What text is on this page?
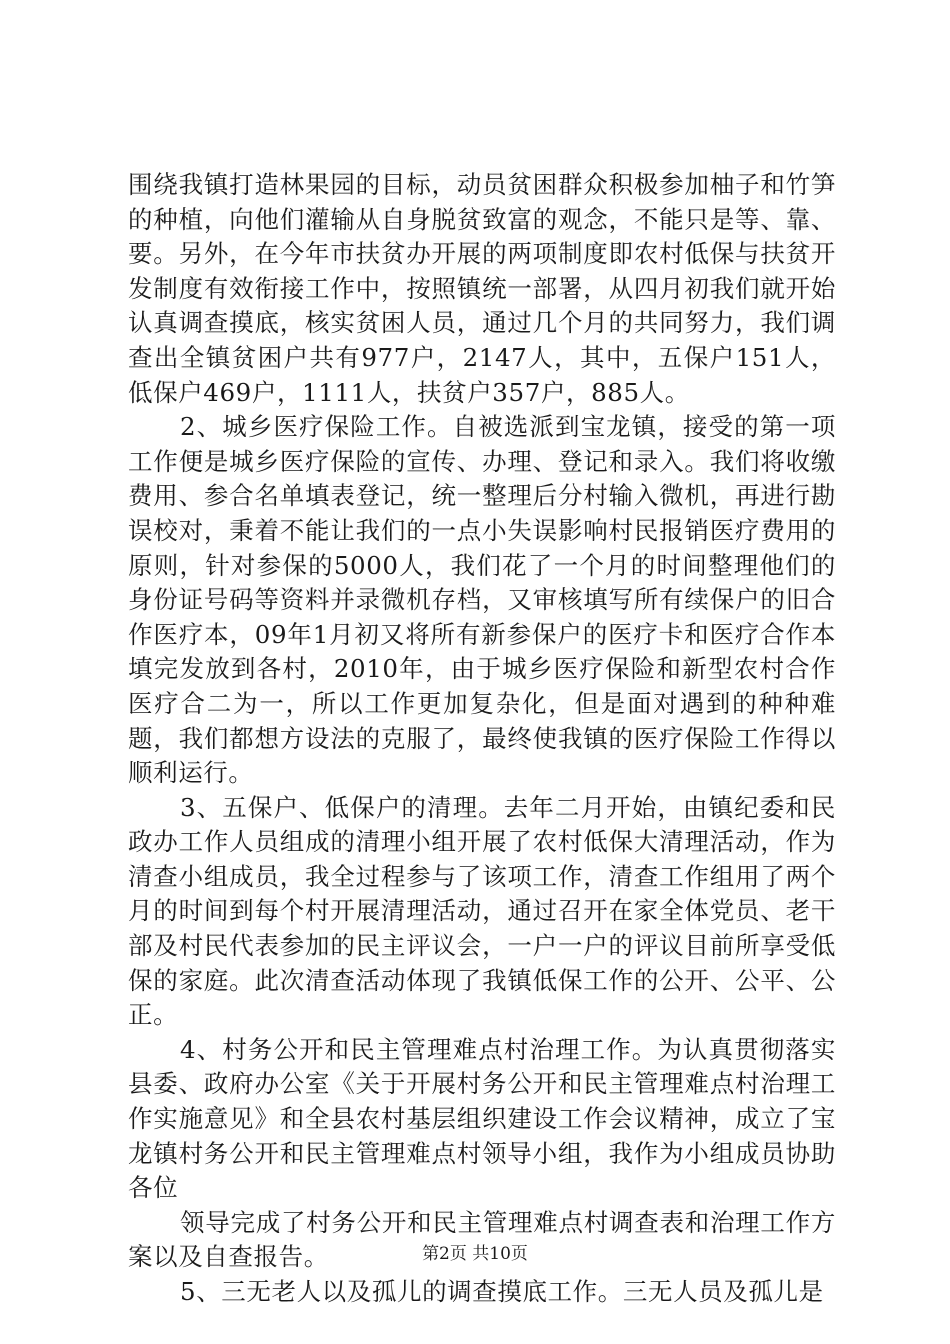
围绕我镇打造林果园的目标，动员贫困群众积极参加柚子和竹笋的种植，向他们灌输从自身脱贫致富的观念，不能只是等、靠、要。另外，在今年市扶贫办开展的两项制度即农村低保与扶贫开发制度有效衔接工作中，按照镇统一部署，从四月初我们就开始认真调查摸底，核实贫困人员，通过几个月的共同努力，我们调查出全镇贫困户共有977户，2147人，其中，五保户151人，低保户469户，1111人，扶贫户357户，885人。

2、城乡医疗保险工作。自被选派到宝龙镇，接受的第一项工作便是城乡医疗保险的宣传、办理、登记和录入。我们将收缴费用、参合名单填表登记，统一整理后分村输入微机，再进行勘误校对，秉着不能让我们的一点小失误影响村民报销医疗费用的原则，针对参保的5000人，我们花了一个月的时间整理他们的身份证号码等资料并录微机存档，又审核填写所有续保户的旧合作医疗本，09年1月初又将所有新参保户的医疗卡和医疗合作本填完发放到各村，2010年，由于城乡医疗保险和新型农村合作医疗合二为一，所以工作更加复杂化，但是面对遇到的种种难题，我们都想方设法的克服了，最终使我镇的医疗保险工作得以顺利运行。

3、五保户、低保户的清理。去年二月开始，由镇纪委和民政办工作人员组成的清理小组开展了农村低保大清理活动，作为清查小组成员，我全过程参与了该项工作，清查工作组用了两个月的时间到每个村开展清理活动，通过召开在家全体党员、老干部及村民代表参加的民主评议会，一户一户的评议目前所享受低保的家庭。此次清查活动体现了我镇低保工作的公开、公平、公正。

4、村务公开和民主管理难点村治理工作。为认真贯彻落实县委、政府办公室《关于开展村务公开和民主管理难点村治理工作实施意见》和全县农村基层组织建设工作会议精神，成立了宝龙镇村务公开和民主管理难点村领导小组，我作为小组成员协助各位

领导完成了村务公开和民主管理难点村调查表和治理工作方案以及自查报告。

5、三无老人以及孤儿的调查摸底工作。三无人员及孤儿是

第2页 共10页
